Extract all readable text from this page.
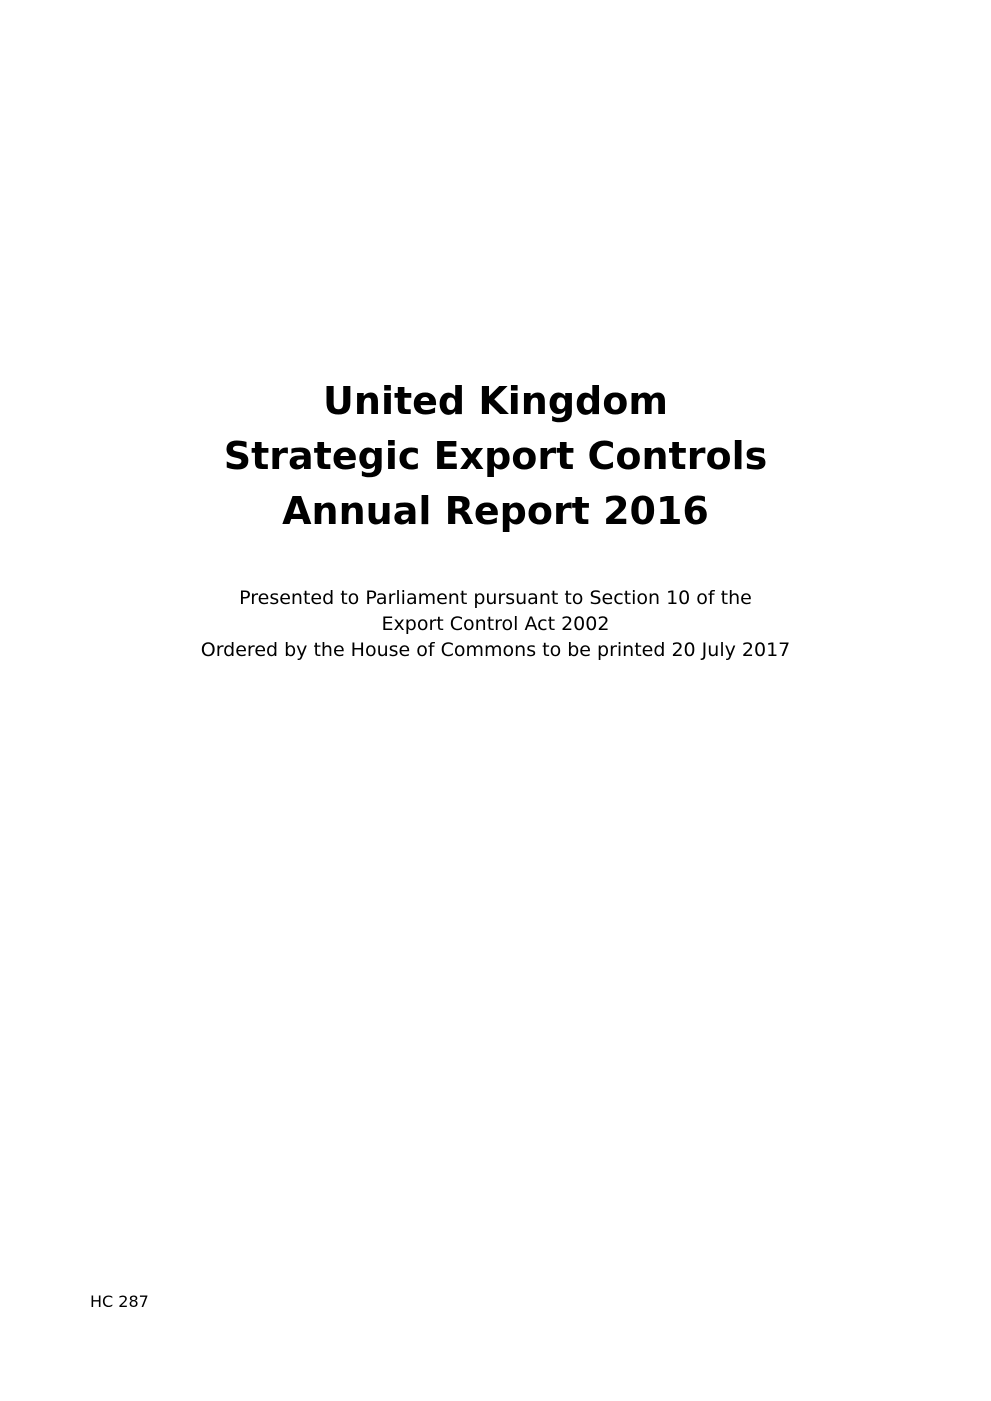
United Kingdom
Strategic Export Controls
Annual Report 2016
Presented to Parliament pursuant to Section 10 of the
Export Control Act 2002
Ordered by the House of Commons to be printed 20 July 2017
HC 287
